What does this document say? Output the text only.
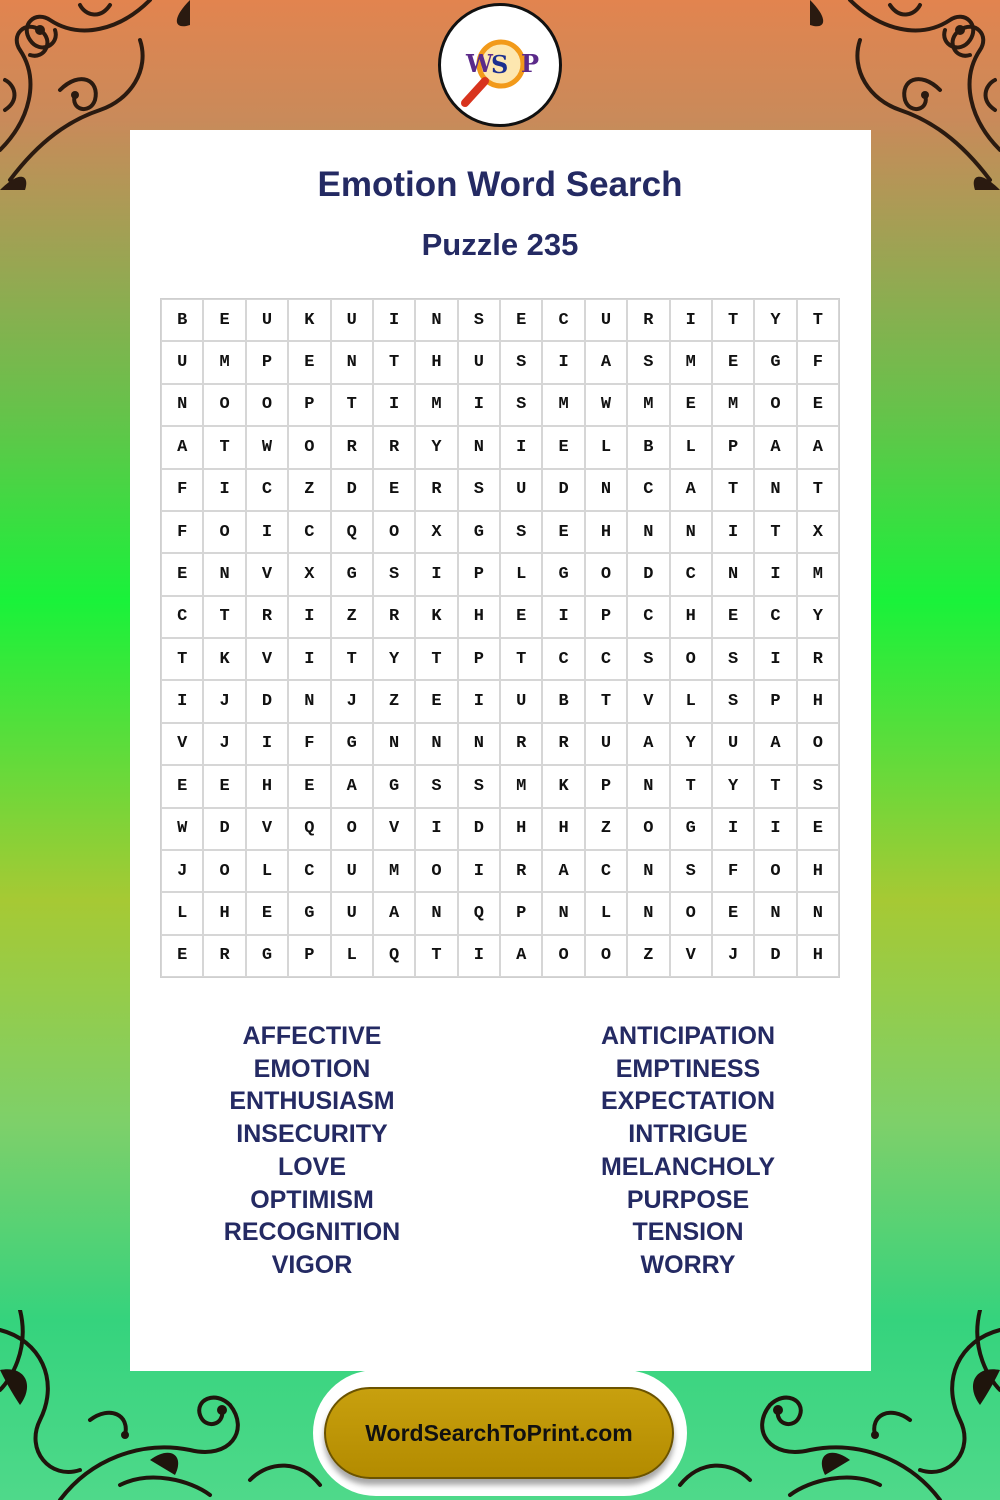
W
S P
Emotion Word Search
Puzzle 235
B	E	U	K	U	I	N	S	E	C	U	R	I	T	Y	T
U	M	P	E	N	T	H	U	S	I	A	S	M	E	G	F
N	O	O	P	T	I	M	I	S	M	W	M	E	M	O	E
A	T	W	O	R	R	Y	N	I	E	L	B	L	P	A	A
F	I	C	Z	D	E	R	S	U	D	N	C	A	T	N	T
F	O	I	C	Q	O	X	G	S	E	H	N	N	I	T	X
E	N	V	X	G	S	I	P	L	G	O	D	C	N	I	M
C	T	R	I	Z	R	K	H	E	I	P	C	H	E	C	Y
T	K	V	I	T	Y	T	P	T	C	C	S	O	S	I	R
I	J	D	N	J	Z	E	I	U	B	T	V	L	S	P	H
V	J	I	F	G	N	N	N	R	R	U	A	Y	U	A	O
E	E	H	E	A	G	S	S	M	K	P	N	T	Y	T	S
W	D	V	Q	O	V	I	D	H	H	Z	O	G	I	I	E
J	O	L	C	U	M	O	I	R	A	C	N	S	F	O	H
L	H	E	G	U	A	N	Q	P	N	L	N	O	E	N	N
E	R	G	P	L	Q	T	I	A	O	O	Z	V	J	D	H
AFFECTIVE
EMOTION
ENTHUSIASM
INSECURITY
LOVE
OPTIMISM
RECOGNITION
VIGOR
ANTICIPATION
EMPTINESS
EXPECTATION
INTRIGUE
MELANCHOLY
PURPOSE
TENSION
WORRY
WordSearchToPrint.com
